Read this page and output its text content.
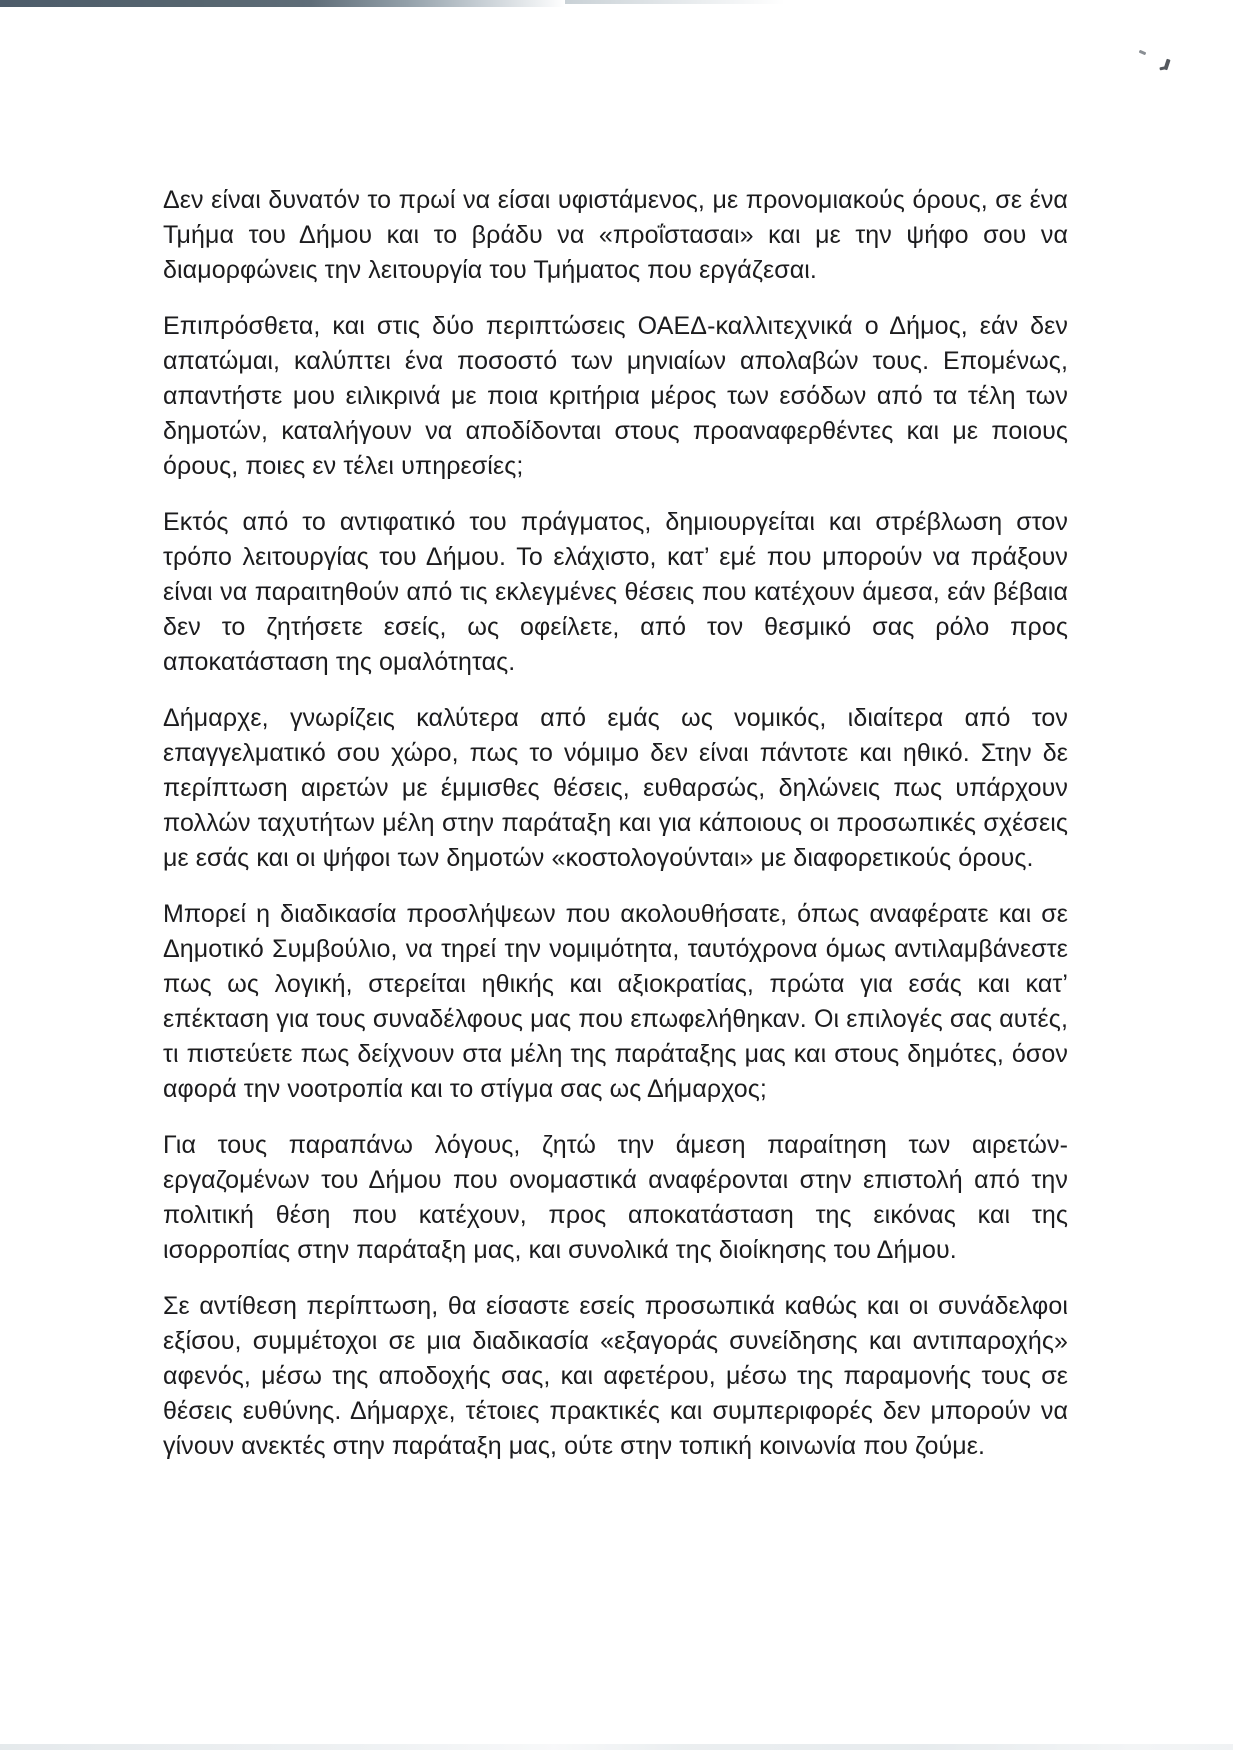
Δεν είναι δυνατόν το πρωί να είσαι υφιστάμενος, με προνομιακούς όρους, σε ένα Τμήμα του Δήμου και το βράδυ να «προΐστασαι» και με την ψήφο σου να διαμορφώνεις την λειτουργία του Τμήματος που εργάζεσαι.

Επιπρόσθετα, και στις δύο περιπτώσεις ΟΑΕΔ-καλλιτεχνικά ο Δήμος, εάν δεν απατώμαι, καλύπτει ένα ποσοστό των μηνιαίων απολαβών τους. Επομένως, απαντήστε μου ειλικρινά με ποια κριτήρια μέρος των εσόδων από τα τέλη των δημοτών, καταλήγουν να αποδίδονται στους προαναφερθέντες και με ποιους όρους, ποιες εν τέλει υπηρεσίες;

Εκτός από το αντιφατικό του πράγματος, δημιουργείται και στρέβλωση στον τρόπο λειτουργίας του Δήμου. Το ελάχιστο, κατ’ εμέ που μπορούν να πράξουν είναι να παραιτηθούν από τις εκλεγμένες θέσεις που κατέχουν άμεσα, εάν βέβαια δεν το ζητήσετε εσείς, ως οφείλετε, από τον θεσμικό σας ρόλο προς αποκατάσταση της ομαλότητας.

Δήμαρχε, γνωρίζεις καλύτερα από εμάς ως νομικός, ιδιαίτερα από τον επαγγελματικό σου χώρο, πως το νόμιμο δεν είναι πάντοτε και ηθικό. Στην δε περίπτωση αιρετών με έμμισθες θέσεις, ευθαρσώς, δηλώνεις πως υπάρχουν πολλών ταχυτήτων μέλη στην παράταξη και για κάποιους οι προσωπικές σχέσεις με εσάς και οι ψήφοι των δημοτών «κοστολογούνται» με διαφορετικούς όρους.

Μπορεί η διαδικασία προσλήψεων που ακολουθήσατε, όπως αναφέρατε και σε Δημοτικό Συμβούλιο, να τηρεί την νομιμότητα, ταυτόχρονα όμως αντιλαμβάνεστε πως ως λογική, στερείται ηθικής και αξιοκρατίας, πρώτα για εσάς και κατ’ επέκταση για τους συναδέλφους μας που επωφελήθηκαν. Οι επιλογές σας αυτές, τι πιστεύετε πως δείχνουν στα μέλη της παράταξης μας και στους δημότες, όσον αφορά την νοοτροπία και το στίγμα σας ως Δήμαρχος;

Για τους παραπάνω λόγους, ζητώ την άμεση παραίτηση των αιρετών-εργαζομένων του Δήμου που ονομαστικά αναφέρονται στην επιστολή από την πολιτική θέση που κατέχουν, προς αποκατάσταση της εικόνας και της ισορροπίας στην παράταξη μας, και συνολικά της διοίκησης του Δήμου.

Σε αντίθεση περίπτωση, θα είσαστε εσείς προσωπικά καθώς και οι συνάδελφοι εξίσου, συμμέτοχοι σε μια διαδικασία «εξαγοράς συνείδησης και αντιπαροχής» αφενός, μέσω της αποδοχής σας, και αφετέρου, μέσω της παραμονής τους σε θέσεις ευθύνης. Δήμαρχε, τέτοιες πρακτικές και συμπεριφορές δεν μπορούν να γίνουν ανεκτές στην παράταξη μας, ούτε στην τοπική κοινωνία που ζούμε.
